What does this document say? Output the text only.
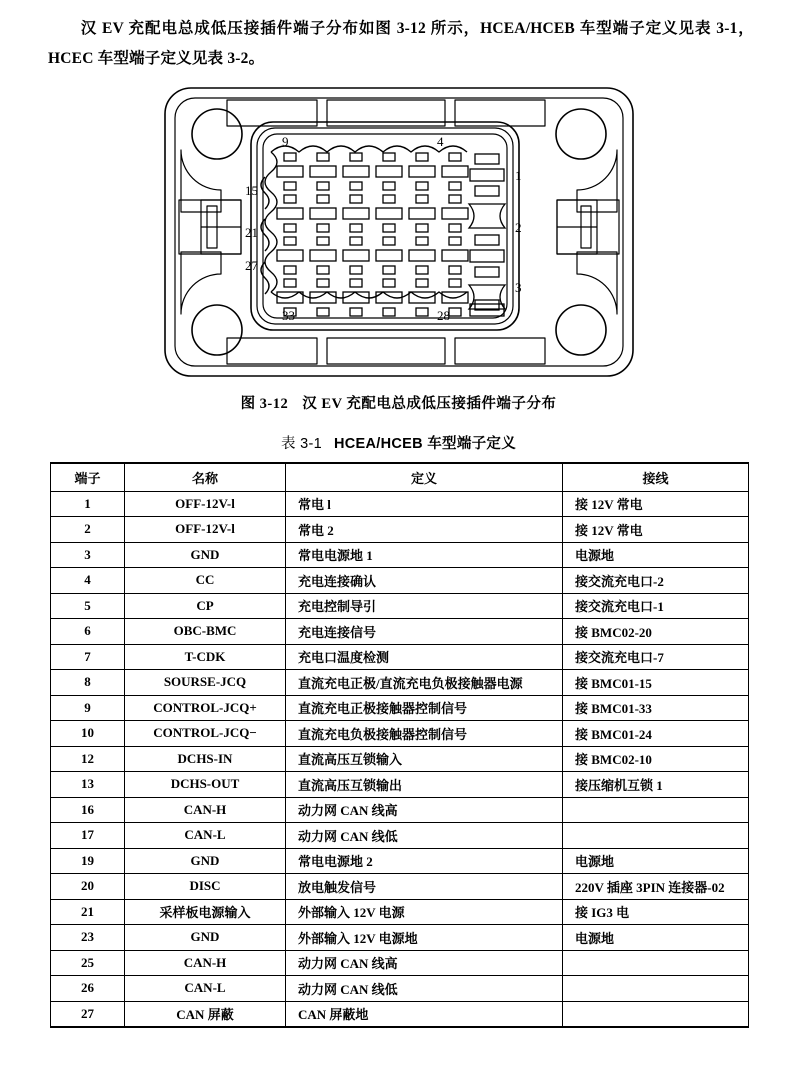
汉 EV 充配电总成低压接插件端子分布如图 3-12 所示，HCEA/HCEB 车型端子定义见表 3-1，HCEC 车型端子定义见表 3-2。
9	4
15
21
27
33	28
1
2
3
图 3-12 汉 EV 充配电总成低压接插件端子分布
表 3-1 HCEA/HCEB 车型端子定义
端子	名称	定义	接线
1	OFF-12V-l	常电 l	接 12V 常电
2	OFF-12V-l	常电 2	接 12V 常电
3	GND	常电电源地 1	电源地
4	CC	充电连接确认	接交流充电口-2
5	CP	充电控制导引	接交流充电口-1
6	OBC-BMC	充电连接信号	接 BMC02-20
7	T-CDK	充电口温度检测	接交流充电口-7
8	SOURSE-JCQ	直流充电正极/直流充电负极接触器电源	接 BMC01-15
9	CONTROL-JCQ+	直流充电正极接触器控制信号	接 BMC01-33
10	CONTROL-JCQ−	直流充电负极接触器控制信号	接 BMC01-24
12	DCHS-IN	直流高压互锁输入	接 BMC02-10
13	DCHS-OUT	直流高压互锁输出	接压缩机互锁 1
16	CAN-H	动力网 CAN 线高	
17	CAN-L	动力网 CAN 线低	
19	GND	常电电源地 2	电源地
20	DISC	放电触发信号	220V 插座 3PIN 连接器-02
21	采样板电源输入	外部输入 12V 电源	接 IG3 电
23	GND	外部输入 12V 电源地	电源地
25	CAN-H	动力网 CAN 线高	
26	CAN-L	动力网 CAN 线低	
27	CAN 屏蔽	CAN 屏蔽地	
